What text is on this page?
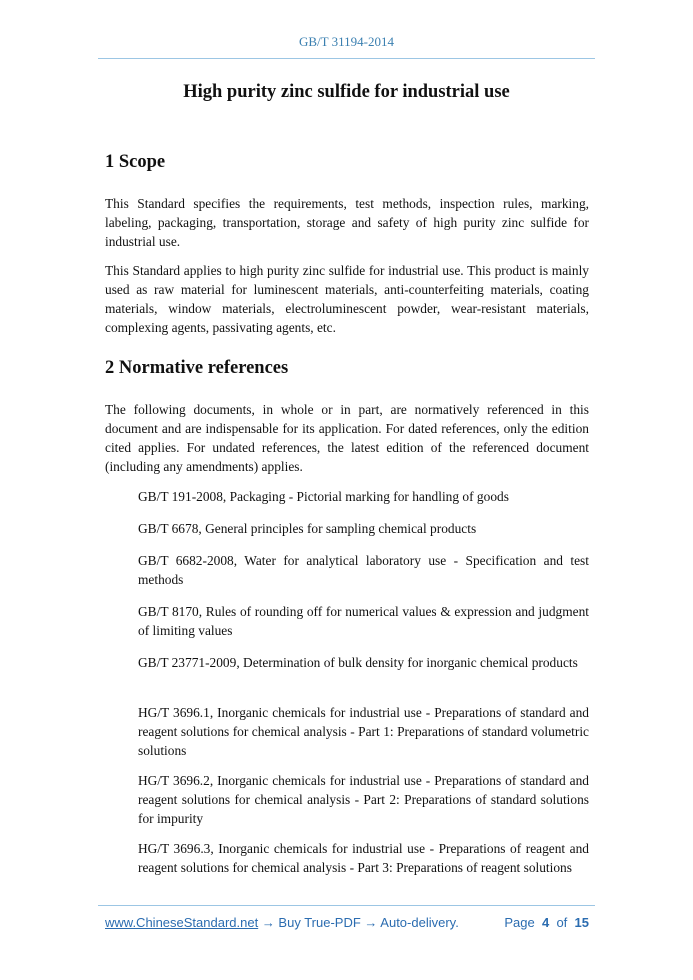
GB/T 31194-2014
High purity zinc sulfide for industrial use
1 Scope

This Standard specifies the requirements, test methods, inspection rules, marking, labeling, packaging, transportation, storage and safety of high purity zinc sulfide for industrial use.

This Standard applies to high purity zinc sulfide for industrial use. This product is mainly used as raw material for luminescent materials, anti-counterfeiting materials, coating materials, window materials, electroluminescent powder, wear-resistant materials, complexing agents, passivating agents, etc.

2 Normative references

The following documents, in whole or in part, are normatively referenced in this document and are indispensable for its application. For dated references, only the edition cited applies. For undated references, the latest edition of the referenced document (including any amendments) applies.

GB/T 191-2008, Packaging - Pictorial marking for handling of goods

GB/T 6678, General principles for sampling chemical products

GB/T 6682-2008, Water for analytical laboratory use - Specification and test methods

GB/T 8170, Rules of rounding off for numerical values & expression and judgment of limiting values

GB/T 23771-2009, Determination of bulk density for inorganic chemical products

HG/T 3696.1, Inorganic chemicals for industrial use - Preparations of standard and reagent solutions for chemical analysis - Part 1: Preparations of standard volumetric solutions

HG/T 3696.2, Inorganic chemicals for industrial use - Preparations of standard and reagent solutions for chemical analysis - Part 2: Preparations of standard solutions for impurity

HG/T 3696.3, Inorganic chemicals for industrial use - Preparations of reagent and reagent solutions for chemical analysis - Part 3: Preparations of reagent solutions

www.ChineseStandard.net → Buy True-PDF → Auto-delivery.	Page 4 of 15
